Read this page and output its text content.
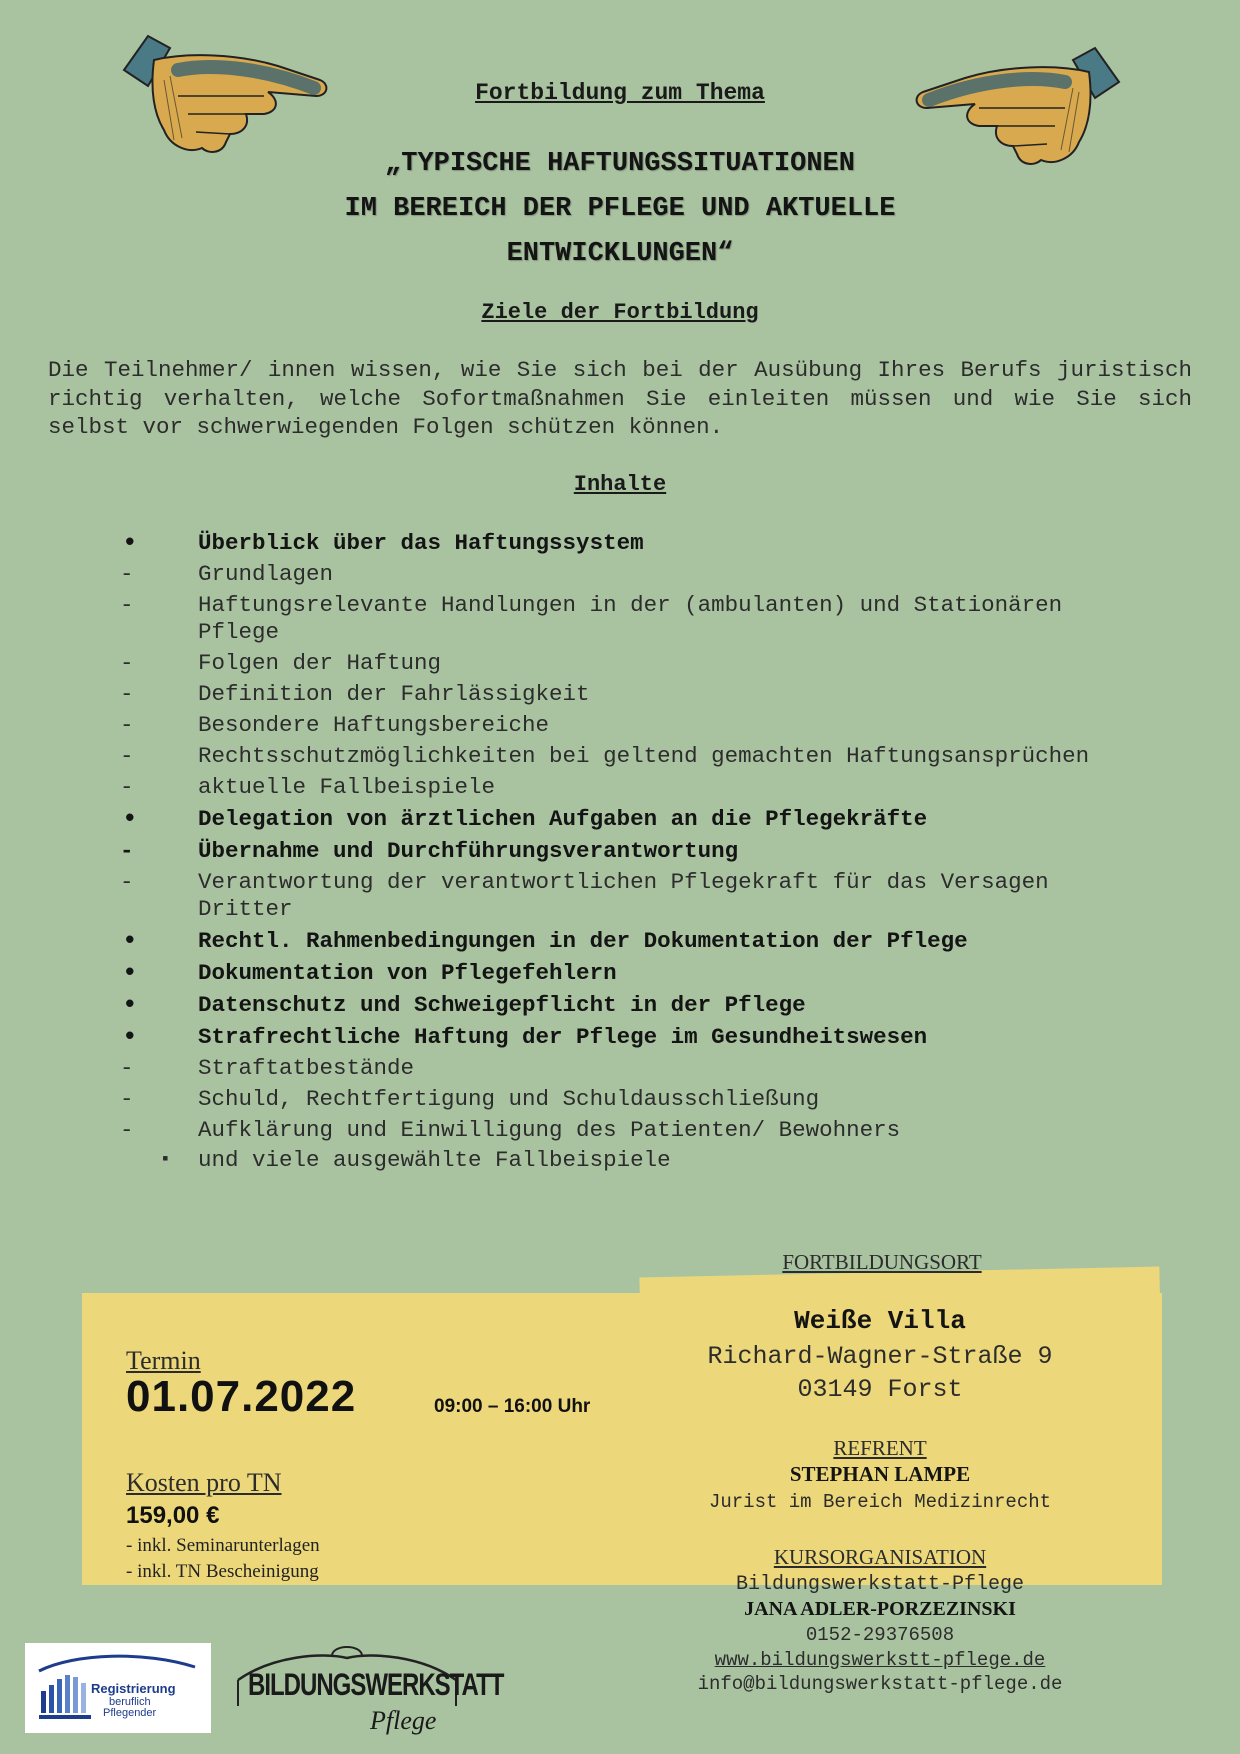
Fortbildung zum Thema
„TYPISCHE HAFTUNGSSITUATIONEN
IM BEREICH DER PFLEGE UND AKTUELLE
ENTWICKLUNGEN“
Ziele der Fortbildung
Die Teilnehmer/ innen wissen, wie Sie sich bei der Ausübung Ihres Berufs juristisch richtig verhalten, welche Sofortmaßnahmen Sie einleiten müssen und wie Sie sich selbst vor schwerwiegenden Folgen schützen können.
Inhalte
•	Überblick über das Haftungssystem
-	Grundlagen
-	Haftungsrelevante Handlungen in der (ambulanten) und Stationären Pflege
-	Folgen der Haftung
-	Definition der Fahrlässigkeit
-	Besondere Haftungsbereiche
-	Rechtsschutzmöglichkeiten bei geltend gemachten Haftungsansprüchen
-	aktuelle Fallbeispiele
•	Delegation von ärztlichen Aufgaben an die Pflegekräfte
-	Übernahme und Durchführungsverantwortung
-	Verantwortung der verantwortlichen Pflegekraft für das Versagen Dritter
•	Rechtl. Rahmenbedingungen in der Dokumentation der Pflege
•	Dokumentation von Pflegefehlern
•	Datenschutz und Schweigepflicht in der Pflege
•	Strafrechtliche Haftung der Pflege im Gesundheitswesen
-	Straftatbestände
-	Schuld, Rechtfertigung und Schuldausschließung
-	Aufklärung und Einwilligung des Patienten/ Bewohners
▪	und viele ausgewählte Fallbeispiele
Termin
01.07.2022	09:00 – 16:00 Uhr
Kosten pro TN
159,00 €
- inkl. Seminarunterlagen
- inkl. TN Bescheinigung
FORTBILDUNGSORT
Weiße Villa
Richard-Wagner-Straße 9
03149 Forst
REFRENT
STEPHAN LAMPE
Jurist im Bereich Medizinrecht
KURSORGANISATION
Bildungswerkstatt-Pflege
JANA ADLER-PORZEZINSKI
0152-29376508
www.bildungswerkstt-pflege.de
info@bildungswerkstatt-pflege.de
Registrierung
beruflich
Pflegender
BILDUNGSWERKSTATT
Pflege
